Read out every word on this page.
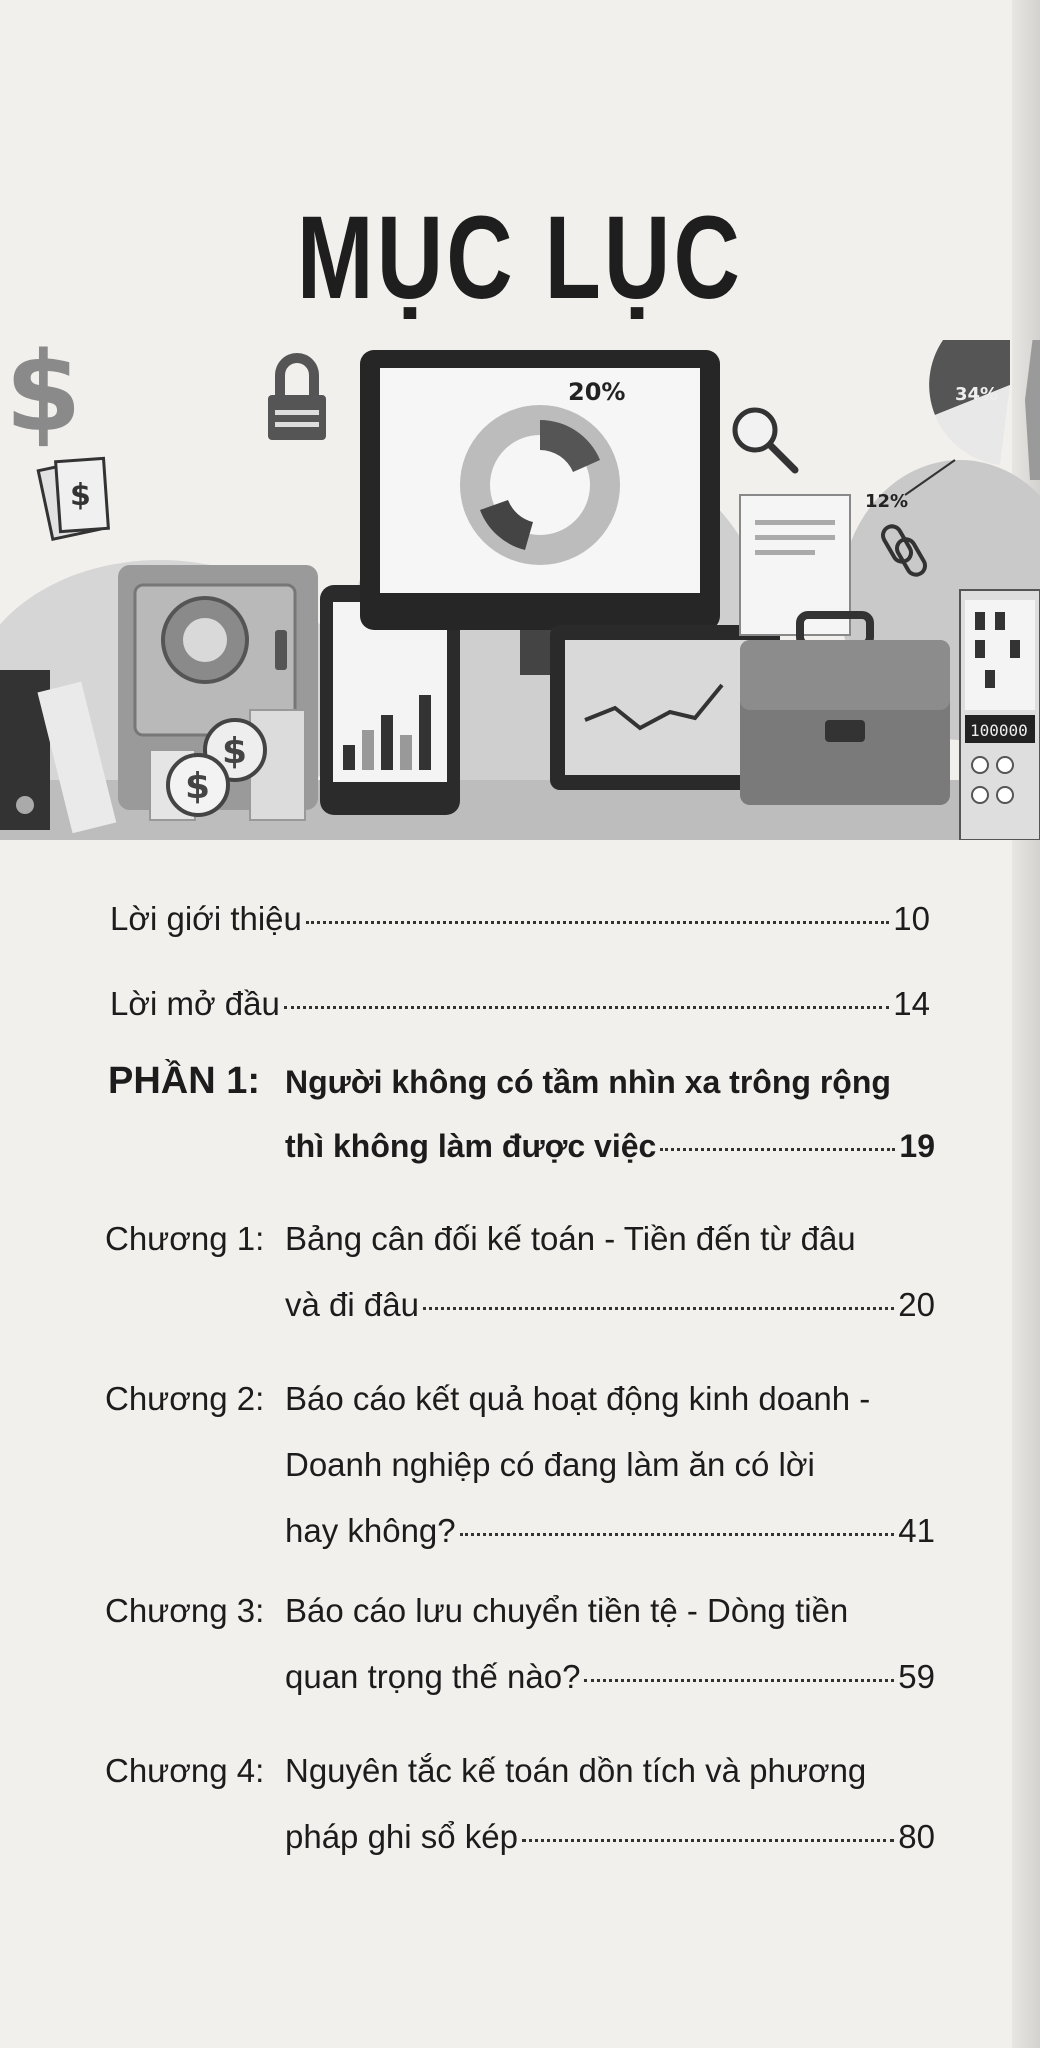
MỤC LỤC
$
$
$
$
20%	34%
12%
100000
Lời giới thiệu	10
Lời mở đầu	14
PHẦN 1: Người không có tầm nhìn xa trông rộng
thì không làm được việc	19
Chương 1: Bảng cân đối kế toán - Tiền đến từ đâu
và đi đâu	20
Chương 2: Báo cáo kết quả hoạt động kinh doanh -
Doanh nghiệp có đang làm ăn có lời
hay không?	41
Chương 3: Báo cáo lưu chuyển tiền tệ - Dòng tiền
quan trọng thế nào?	59
Chương 4: Nguyên tắc kế toán dồn tích và phương
pháp ghi sổ kép	80
